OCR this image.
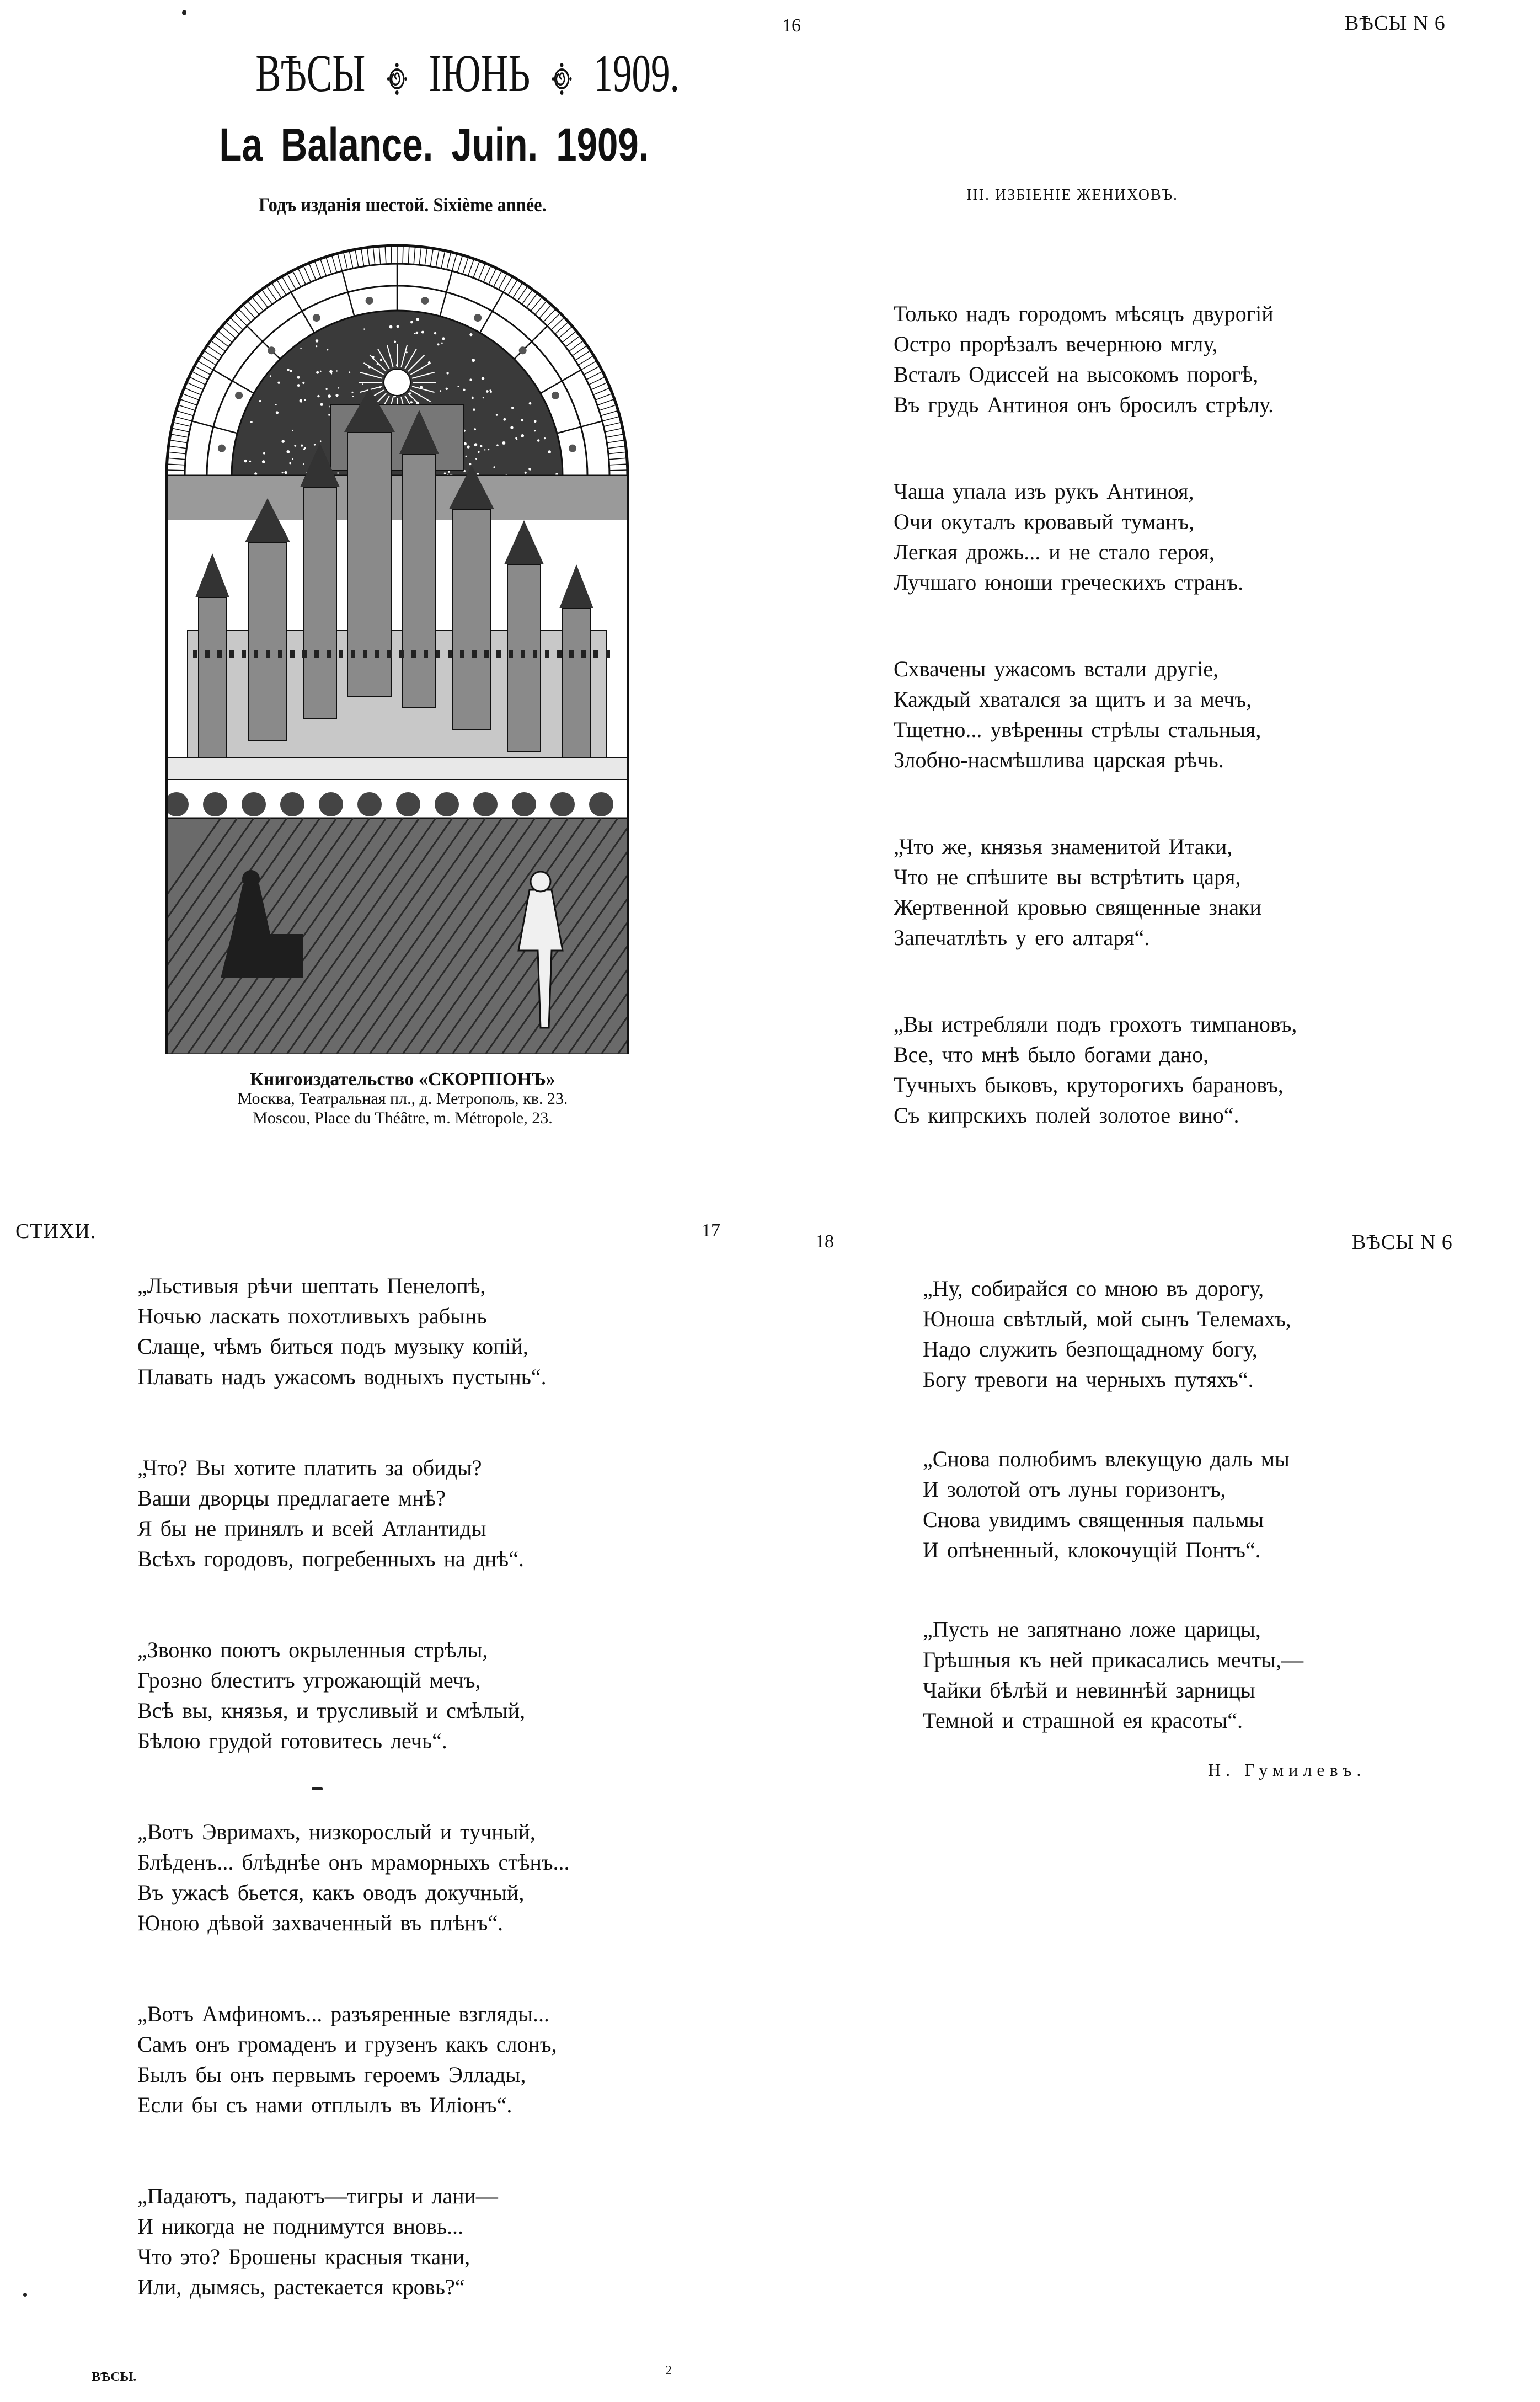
ВѢСЫ ІЮНЬ 1909.
La Balance. Juin. 1909.
Годъ изданія шестой. Sixième année.
Книгоиздательство «СКОРПІОНЪ»
Москва, Театральная пл., д. Метрополь, кв. 23.
Moscou, Place du Théâtre, m. Métropole, 23.
16	ВѢСЫ N 6
III. ИЗБІЕНІЕ ЖЕНИХОВЪ.
Только надъ городомъ мѣсяцъ двурогій
Остро прорѣзалъ вечернюю мглу,
Всталъ Одиссей на высокомъ порогѣ,
Въ грудь Антиноя онъ бросилъ стрѣлу.
Чаша упала изъ рукъ Антиноя,
Очи окуталъ кровавый туманъ,
Легкая дрожь... и не стало героя,
Лучшаго юноши греческихъ странъ.
Схвачены ужасомъ встали другіе,
Каждый хватался за щитъ и за мечъ,
Тщетно... увѣренны стрѣлы стальныя,
Злобно-насмѣшлива царская рѣчь.
„Что же, князья знаменитой Итаки,
Что не спѣшите вы встрѣтить царя,
Жертвенной кровью священные знаки
Запечатлѣть у его алтаря“.
„Вы истребляли подъ грохотъ тимпановъ,
Все, что мнѣ было богами дано,
Тучныхъ быковъ, круторогихъ барановъ,
Съ кипрскихъ полей золотое вино“.
СТИХИ.	17
„Льстивыя рѣчи шептать Пенелопѣ,
Ночью ласкать похотливыхъ рабынь
Слаще, чѣмъ биться подъ музыку копій,
Плавать надъ ужасомъ водныхъ пустынь“.
„Что? Вы хотите платить за обиды?
Ваши дворцы предлагаете мнѣ?
Я бы не принялъ и всей Атлантиды
Всѣхъ городовъ, погребенныхъ на днѣ“.
„Звонко поютъ окрыленныя стрѣлы,
Грозно блеститъ угрожающій мечъ,
Всѣ вы, князья, и трусливый и смѣлый,
Бѣлою грудой готовитесь лечь“.
„Вотъ Эвримахъ, низкорослый и тучный,
Блѣденъ... блѣднѣе онъ мраморныхъ стѣнъ...
Въ ужасѣ бьется, какъ оводъ докучный,
Юною дѣвой захваченный въ плѣнъ“.
„Вотъ Амфиномъ... разъяренные взгляды...
Самъ онъ громаденъ и грузенъ какъ слонъ,
Былъ бы онъ первымъ героемъ Эллады,
Если бы съ нами отплылъ въ Иліонъ“.
„Падаютъ, падаютъ—тигры и лани—
И никогда не поднимутся вновь...
Что это? Брошены красныя ткани,
Или, дымясь, растекается кровь?“
18	ВѢСЫ N 6
„Ну, собирайся со мною въ дорогу,
Юноша свѣтлый, мой сынъ Телемахъ,
Надо служить безпощадному богу,
Богу тревоги на черныхъ путяхъ“.
„Снова полюбимъ влекущую даль мы
И золотой отъ луны горизонтъ,
Снова увидимъ священныя пальмы
И опѣненный, клокочущій Понтъ“.
„Пусть не запятнано ложе царицы,
Грѣшныя къ ней прикасались мечты,—
Чайки бѣлѣй и невиннѣй зарницы
Темной и страшной ея красоты“.
Н. Гумилевъ.
ВѢСЫ.	2
